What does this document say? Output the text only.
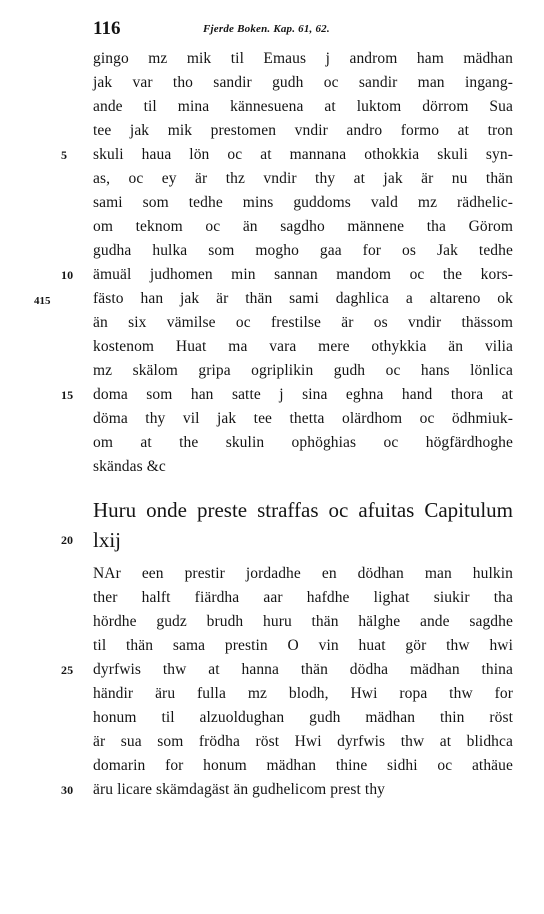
116	Fjerde Boken. Kap. 61, 62.
415
gingo mz mik til Emaus j androm ham mädhan
jak var tho sandir gudh oc sandir man ingang-
ande til mina kännesuena at luktom dörrom Sua
tee jak mik prestomen vndir andro formo at tron
5	skuli haua lön oc at mannana othokkia skuli syn-
as, oc ey är thz vndir thy at jak är nu thän
sami som tedhe mins guddoms vald mz rädhelic-
om teknom oc än sagdho männene tha Görom
gudha hulka som mogho gaa for os Jak tedhe
10	ämuäl judhomen min sannan mandom oc the kors-
fästo han jak är thän sami daghlica a altareno ok
än six vämilse oc frestilse är os vndir thässom
kostenom Huat ma vara mere othykkia än vilia
mz skälom gripa ogriplikin gudh oc hans lönlica
15	doma som han satte j sina eghna hand thora at
döma thy vil jak tee thetta olärdhom oc ödhmiuk-
om at the skulin ophöghias oc högfärdhoghe
skändas &c
Huru onde preste straffas oc afuitas Capitulum
20 lxij
NAr een prestir jordadhe en dödhan man hulkin
ther halft fiärdha aar hafdhe lighat siukir tha
hördhe gudz brudh huru thän hälghe ande sagdhe
til thän sama prestin O vin huat gör thw hwi
25	dyrfwis thw at hanna thän dödha mädhan thina
händir äru fulla mz blodh, Hwi ropa thw for
honum til alzuoldughan gudh mädhan thin röst
är sua som frödha röst Hwi dyrfwis thw at blidhca
domarin for honum mädhan thine sidhi oc athäue
30	äru licare skämdagäst än gudhelicom prest thy
